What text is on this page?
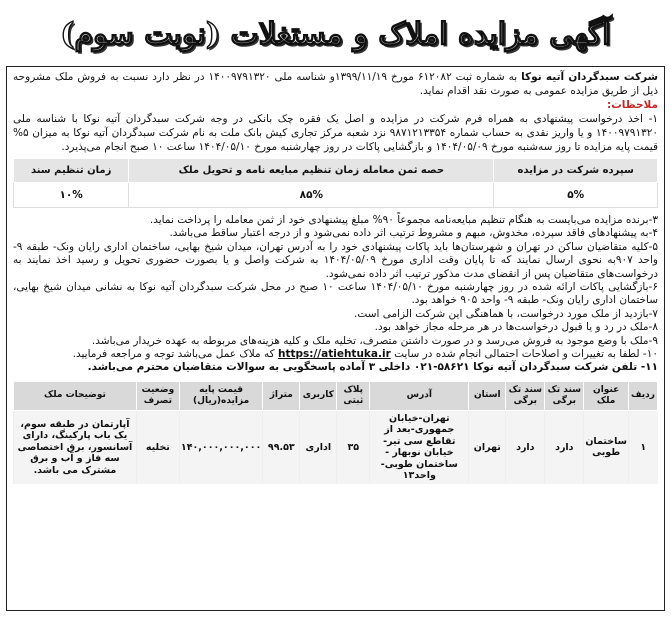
آگهی مزایده املاک و مستغلات (نوبت سوم)

شرکت سبدگردان آتیه نوکا به شماره ثبت ۶۱۲۰۸۲ مورخ ۱۳۹۹/۱۱/۱۹و شناسه ملی ۱۴۰۰۹۷۹۱۳۲۰ در نظر دارد نسبت به فروش ملک مشروحه ذیل از طریق مزایده عمومی به صورت نقد اقدام نماید.

ملاحظات:

۱- اخذ درخواست پیشنهادی به همراه فرم شرکت در مزایده و اصل یک فقره چک بانکی در وجه شرکت سبدگردان آتیه نوکا با شناسه ملی ۱۴۰۰۹۷۹۱۳۲۰ و یا واریز نقدی به حساب شماره ۹۸۷۱۲۱۳۳۵۴ نزد شعبه مرکز تجاری کیش بانک ملت به نام شرکت سبدگردان آتیه نوکا به میزان ۵% قیمت پایه مزایده تا روز سه‌شنبه مورخ ۱۴۰۴/۰۵/۰۹ و بازگشایی پاکات در روز چهارشنبه مورخ ۱۴۰۴/۰۵/۱۰ ساعت ۱۰ صبح انجام می‌پذیرد.

سپرده شرکت در مزایده	حصه ثمن معامله زمان تنظیم مبایعه نامه و تحویل ملک	زمان تنظیم سند
۵%	۸۵%	۱۰%

۳-برنده مزایده می‌بایست به هنگام تنظیم مبایعه‌نامه مجموعاً ۹۰% مبلغ پیشنهادی خود از ثمن معامله را پرداخت نماید.

۴-به پیشنهادهای فاقد سپرده، مخدوش، مبهم و مشروط ترتیب اثر داده نمی‌شود و از درجه اعتبار ساقط می‌باشد.

۵-کلیه متقاضیان ساکن در تهران و شهرستان‌ها باید پاکات پیشنهادی خود را به آدرس تهران، میدان شیخ بهایی، ساختمان اداری رایان ونک- طبقه ۹-واحد ۹۰۷به نحوی ارسال نمایند که تا پایان وقت اداری مورخ ۱۴۰۴/۰۵/۰۹ به شرکت واصل و یا بصورت حضوری تحویل و رسید اخذ نمایند به درخواست‌های متقاضیان پس از انقضای مدت مذکور ترتیب اثر داده نمی‌شود.

۶-بازگشایی پاکات ارائه شده در روز چهارشنبه مورخ ۱۴۰۴/۰۵/۱۰ ساعت ۱۰ صبح در محل شرکت سبدگردان آتیه نوکا به نشانی میدان شیخ بهایی، ساختمان اداری رایان ونک- طبقه ۹- واحد ۹۰۵ خواهد بود.

۷-بازدید از ملک مورد درخواست، با هماهنگی این شرکت الزامی است.

۸-ملک در رد و یا قبول درخواست‌ها در هر مرحله مجاز خواهد بود.

۹-ملک با وضع موجود به فروش می‌رسد و در صورت داشتن متصرف، تخلیه ملک و کلیه هزینه‌های مربوطه به عهده خریدار می‌باشد.

۱۰- لطفا به تغییرات و اصلاحات احتمالی انجام شده در سایت https://atiehtuka.ir که ملاک عمل می‌باشد توجه و مراجعه فرمایید.

۱۱- تلفن شرکت سبدگردان آتیه نوکا ۵۸۶۲۱-۰۲۱ داخلی ۳ آماده پاسخگویی به سوالات متقاضیان محترم می‌باشد.

ردیف	عنوان ملک	سند تک برگی	سند تک برگی	استان	آدرس	پلاک ثبتی	کاربری	متراژ	قیمت پایه مزایده(ریال)	وضعیت تصرف	توضیحات ملک
۱	ساختمان طوبی	دارد	دارد	تهران	تهران-خیابان جمهوری-بعد از تقاطع سی تیر- خیابان نوبهار - ساختمان طوبی- واحد۱۳	۳۵	اداری	۹۹.۵۳	۱۴۰,۰۰۰,۰۰۰,۰۰۰	تخلیه	آپارتمان در طبقه سوم، یک باب پارکینگ، دارای آسانسور، برق اختصاصی سه فاز و آب و برق مشترک می باشد.
